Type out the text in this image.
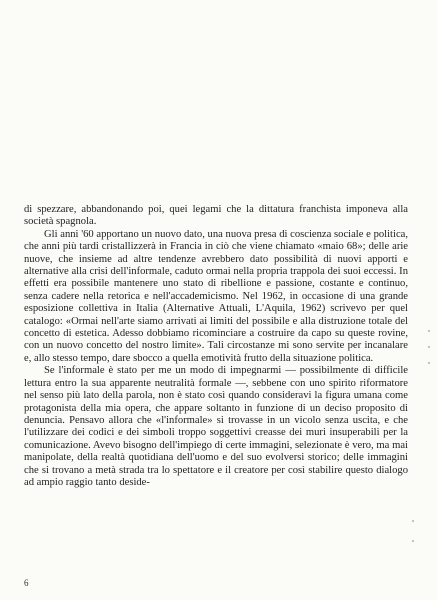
di spezzare, abbandonando poi, quei legami che la dittatura franchista imponeva alla società spagnola.

Gli anni '60 apportano un nuovo dato, una nuova presa di coscienza sociale e politica, che anni più tardi cristallizzerà in Francia in ciò che viene chiamato «maio 68»; delle arie nuove, che insieme ad altre tendenze avrebbero dato possibilità di nuovi apporti e alternative alla crisi dell'informale, caduto ormai nella propria trappola dei suoi eccessi. In effetti era possibile mantenere uno stato di ribellione e passione, costante e continuo, senza cadere nella retorica e nell'accademicismo. Nel 1962, in occasione di una grande esposizione collettiva in Italia (Alternative Attuali, L'Aquila, 1962) scrivevo per quel catalogo: «Ormai nell'arte siamo arrivati ai limiti del possibile e alla distruzione totale del concetto di estetica. Adesso dobbiamo ricominciare a costruire da capo su queste rovine, con un nuovo concetto del nostro limite». Tali circostanze mi sono servite per incanalare e, allo stesso tempo, dare sbocco a quella emotività frutto della situazione politica.

Se l'informale è stato per me un modo di impegnarmi — possibilmente di difficile lettura entro la sua apparente neutralità formale —, sebbene con uno spirito riformatore nel senso più lato della parola, non è stato così quando consideravi la figura umana come protagonista della mia opera, che appare soltanto in funzione di un deciso proposito di denuncia. Pensavo allora che «l'informale» si trovasse in un vicolo senza uscita, e che l'utilizzare dei codici e dei simboli troppo soggettivi creasse dei muri insuperabili per la comunicazione. Avevo bisogno dell'impiego di certe immagini, selezionate è vero, ma mai manipolate, della realtà quotidiana dell'uomo e del suo evolversi storico; delle immagini che si trovano a metà strada tra lo spettatore e il creatore per così stabilire questo dialogo ad ampio raggio tanto deside-

6
